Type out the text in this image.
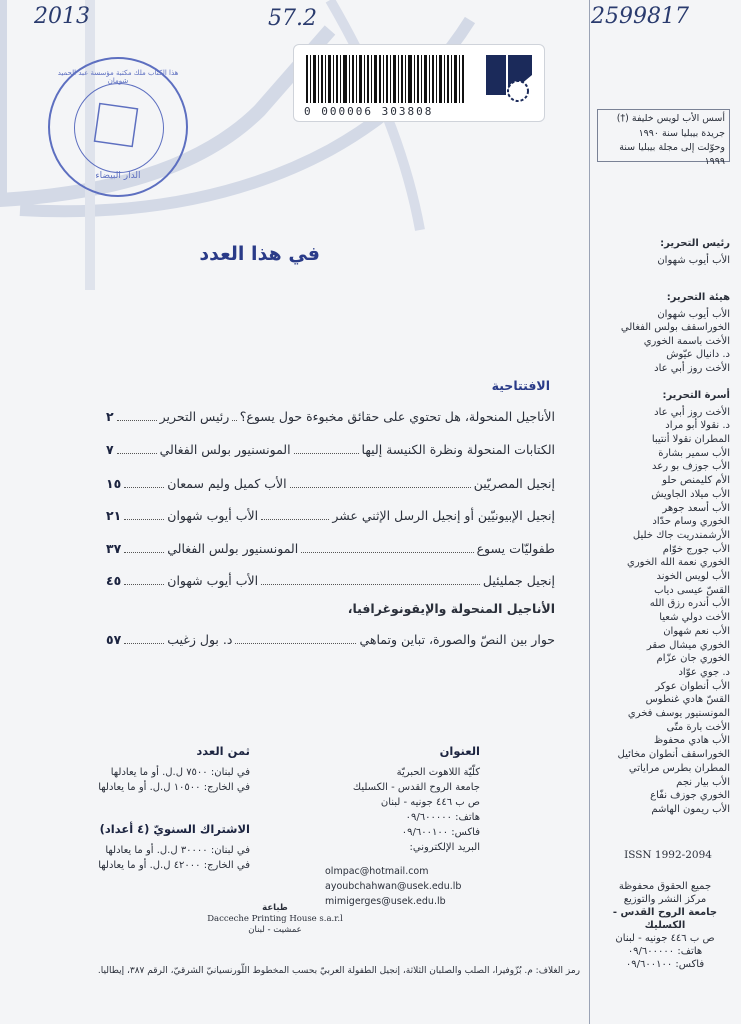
2013	57.2	2599817
هذا الكتاب ملك مكتبة مؤسسة عبد الحميد شومان
الدار البيضاء
0 000006 303808
أسس الأب لويس خليفة (†)
جريدة بيبليا سنة ١٩٩٠
وحوّلت إلى مجلة بيبليا سنة ١٩٩٩
رئيس التحرير:
الأب أيوب شهوان
هيئة التحرير:
الأب أيوب شهوان
الخوراسقف بولس الفغالي
الأخت باسمة الخوري
د. دانيال عيّوش
الأخت روز أبي عاد
أسرة التحرير:
الأخت روز أبي عاد
د. نقولا أبو مراد
المطران نقولا أنتيبا
الأب سمير بشارة
الأب جوزف بو رعد
الأم كليمنص حلو
الأب ميلاد الجاويش
الأب أسعد جوهر
الخوري وسام حدّاد
الأرشمندريت جاك خليل
الأب جورج خوّام
الخوري نعمة الله الخوري
الأب لويس الخوند
القسّ عيسى دياب
الأب أندره رزق الله
الأخت دولي شعيا
الأب نعم شهوان
الخوري ميشال صقر
الخوري جان عزّام
د. جوي عوّاد
الأب أنطوان عوكر
القسّ هادي غنطوس
المونسنيور يوسف فخري
الأخت بارة متّى
الأب هادي محفوظ
الخوراسقف أنطوان مخائيل
المطران بطرس مراياتي
الأب بيار نجم
الخوري جوزف نفّاع
الأب ريمون الهاشم
ISSN 1992-2094
جميع الحقوق محفوظة
مركز النشر والتوزيع
جامعة الروح القدس - الكسليك
ص ب ٤٤٦ جونيه - لبنان
هاتف: ٠٩/٦٠٠٠٠٠
فاكس: ٠٩/٦٠٠١٠٠
في هذا العدد
الافتتاحية
الأناجيل المنحولة، هل تحتوي على حقائق مخبوءة حول يسوع؟
رئيس التحرير
٢
الكتابات المنحولة ونظرة الكنيسة إليها
المونسنيور بولس الفغالي
٧
إنجيل المصريّين
الأب كميل وليم سمعان
١٥
إنجيل الإبيونيّين أو إنجيل الرسل الإثني عشر
الأب أيوب شهوان
٢١
طفوليّات يسوع
المونسنيور بولس الفغالي
٣٧
إنجيل جمليئيل
الأب أيوب شهوان
٤٥
الأناجيل المنحولة والإيقونوغرافيا،
حوار بين النصّ والصورة، تباين وتماهي
د. بول زغيب
٥٧
العنوان
كلّيّة اللاهوت الحبريّة
جامعة الروح القدس - الكسليك
ص ب ٤٤٦ جونيه - لبنان
هاتف: ٠٩/٦٠٠٠٠٠
فاكس: ٠٩/٦٠٠١٠٠
البريد الإلكتروني:
olmpac@hotmail.com
ayoubchahwan@usek.edu.lb
mimigerges@usek.edu.lb
ثمن العدد
في لبنان: ٧٥٠٠ ل.ل. أو ما يعادلها
في الخارج: ١٠٥٠٠ ل.ل. أو ما يعادلها
الاشتراك السنويّ (٤ أعداد)
في لبنان: ٣٠٠٠٠ ل.ل. أو ما يعادلها
في الخارج: ٤٢٠٠٠ ل.ل. أو ما يعادلها
طباعة
Dacceche Printing House s.a.r.l
عمشيت - لبنان
رمز الغلاف: م. بُزّوفيرا، الصلب والصلبان الثلاثة، إنجيل الطفولة العربيّ بحسب المخطوط اللّورنسيانيّ الشرقيّ، الرقم ٣٨٧، إيطاليا.
